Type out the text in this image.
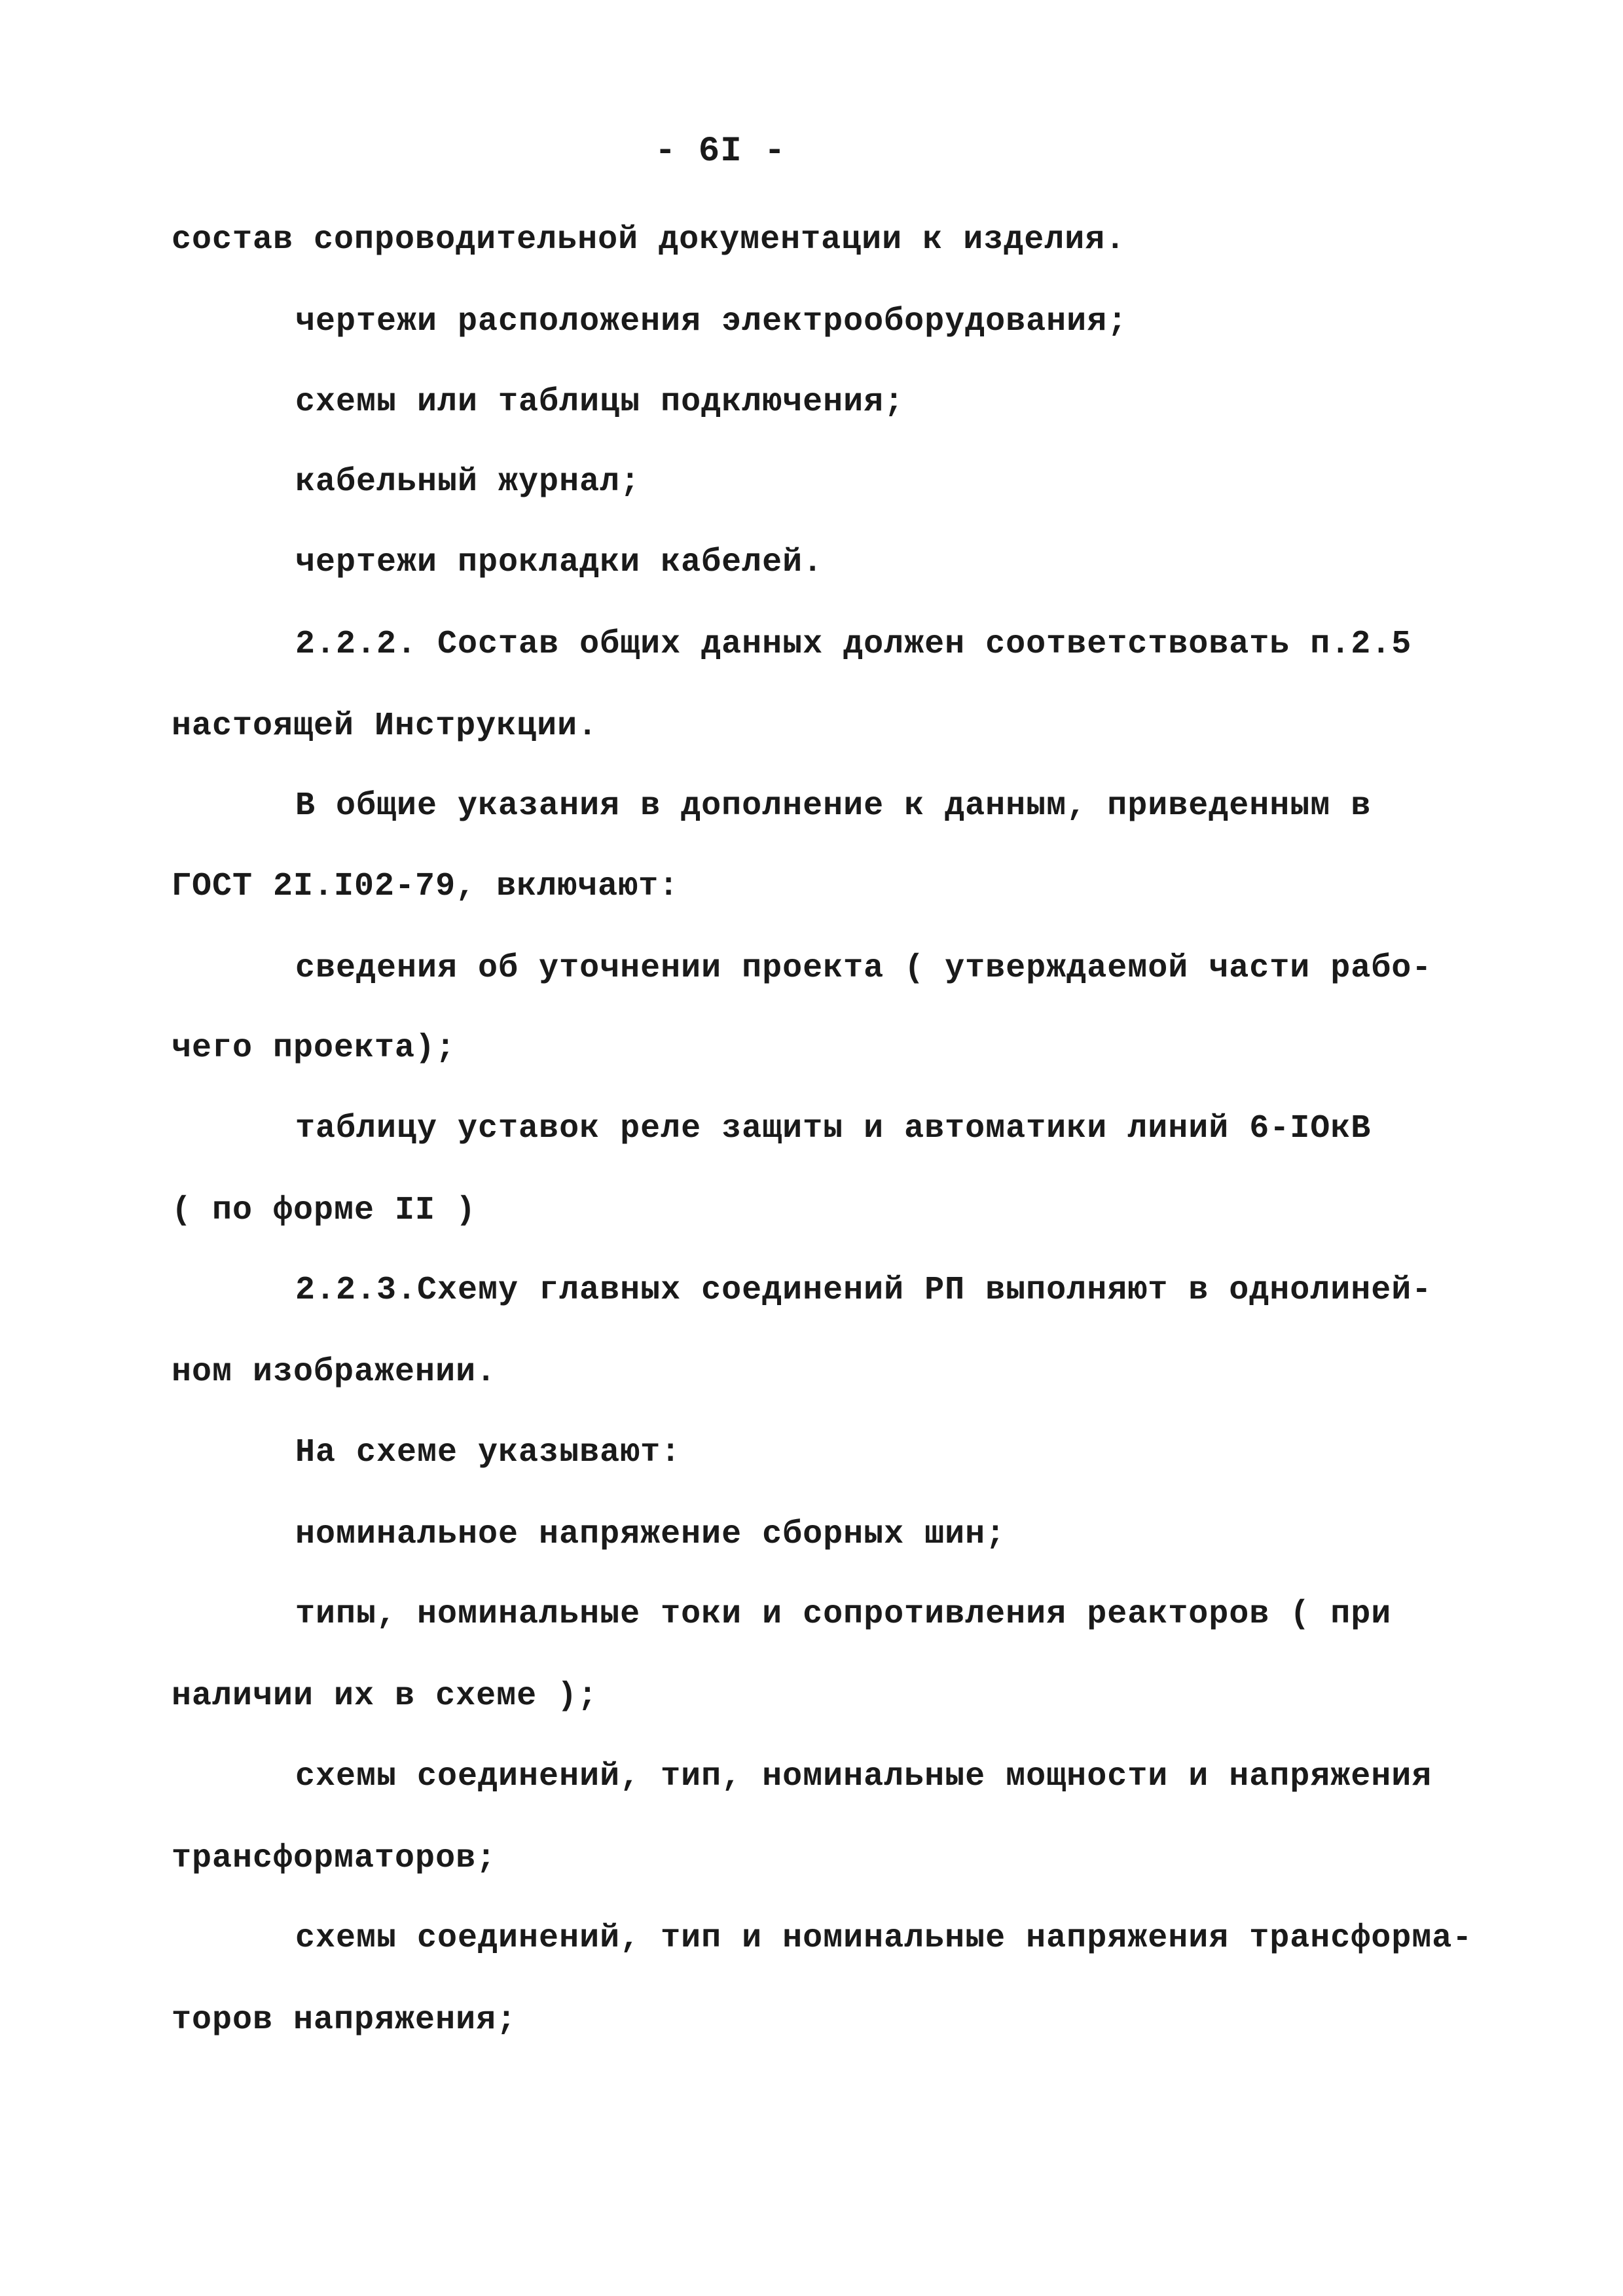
- 6I -
состав сопроводительной документации к изделия.
чертежи расположения электрооборудования;
схемы или таблицы подключения;
кабельный журнал;
чертежи прокладки кабелей.
2.2.2. Состав общих данных должен соответствовать п.2.5
настоящей Инструкции.
В общие указания в дополнение к данным, приведенным в
ГОСТ 2I.I02-79, включают:
сведения об уточнении проекта ( утверждаемой части рабо-
чего проекта);
таблицу уставок реле защиты и автоматики линий 6-IОкВ
( по форме II )
2.2.3.Схему главных соединений РП выполняют в однолиней-
ном изображении.
На схеме указывают:
номинальное напряжение сборных шин;
типы, номинальные токи и сопротивления реакторов ( при
наличии их в схеме );
схемы соединений, тип, номинальные мощности и напряжения
трансформаторов;
схемы соединений, тип и номинальные напряжения трансформа-
торов напряжения;
